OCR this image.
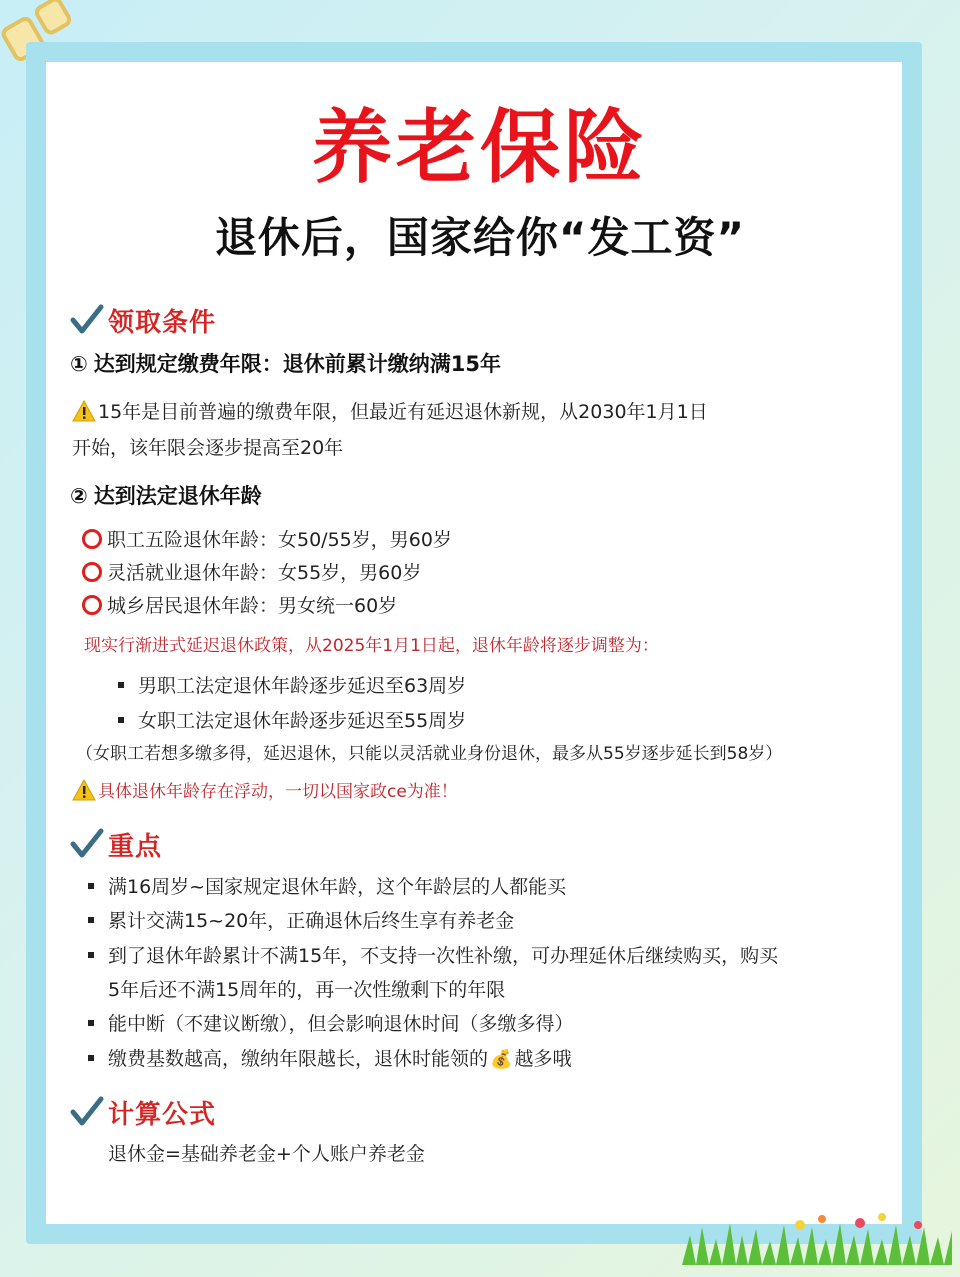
养老保险
退休后，国家给你“发工资”
领取条件
① 达到规定缴费年限：退休前累计缴纳满15年
15年是目前普遍的缴费年限，但最近有延迟退休新规，从2030年1月1日
开始，该年限会逐步提高至20年
② 达到法定退休年龄
职工五险退休年龄：女50/55岁，男60岁
灵活就业退休年龄：女55岁，男60岁
城乡居民退休年龄：男女统一60岁
现实行渐进式延迟退休政策，从2025年1月1日起，退休年龄将逐步调整为：
男职工法定退休年龄逐步延迟至63周岁
女职工法定退休年龄逐步延迟至55周岁
（女职工若想多缴多得，延迟退休，只能以灵活就业身份退休，最多从55岁逐步延长到58岁）
具体退休年龄存在浮动，一切以国家政ce为准！
重点
满16周岁~国家规定退休年龄，这个年龄层的人都能买
累计交满15~20年，正确退休后终生享有养老金
到了退休年龄累计不满15年，不支持一次性补缴，可办理延休后继续购买，购买
5年后还不满15周年的，再一次性缴剩下的年限
能中断（不建议断缴），但会影响退休时间（多缴多得）
缴费基数越高，缴纳年限越长，退休时能领的 💰 越多哦
计算公式
退休金=基础养老金+个人账户养老金
